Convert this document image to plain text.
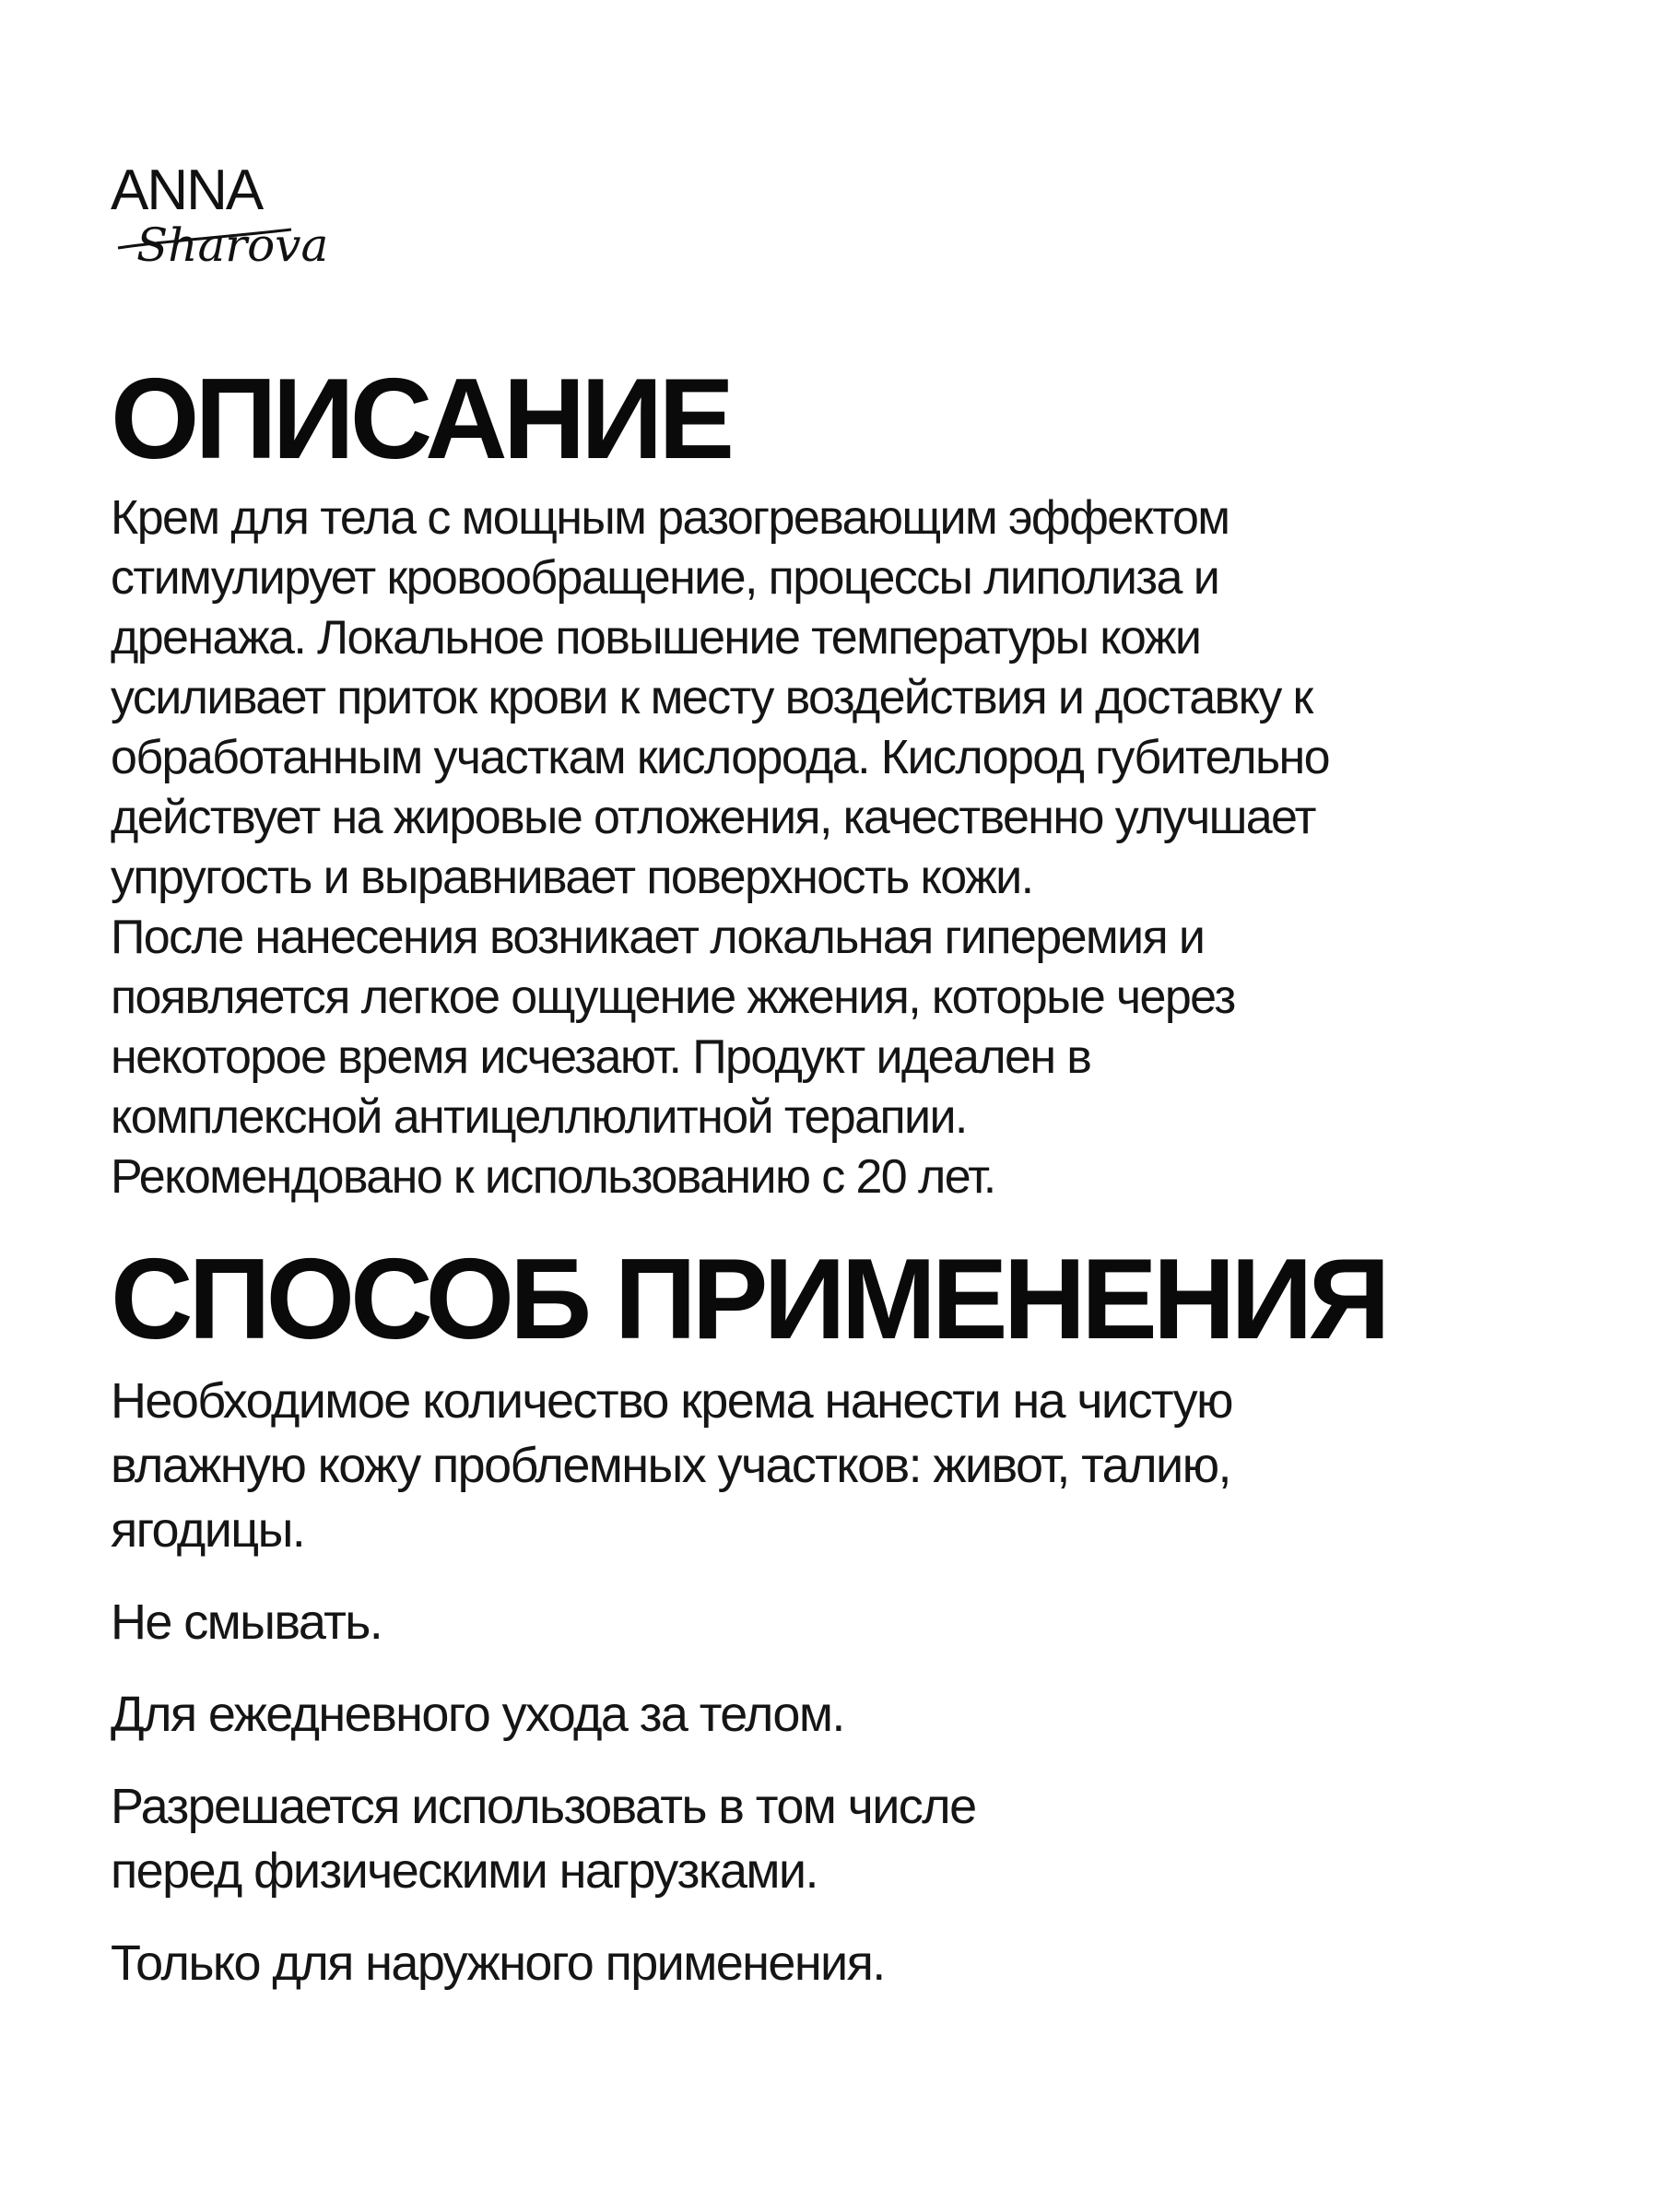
ANNA
Sharova
ОПИСАНИЕ
Крем для тела с мощным разогревающим эффектом
стимулирует кровообращение, процессы липолиза и
дренажа. Локальное повышение температуры кожи
усиливает приток крови к месту воздействия и доставку к
обработанным участкам кислорода. Кислород губительно
действует на жировые отложения, качественно улучшает
упругость и выравнивает поверхность кожи.
После нанесения возникает локальная гиперемия и
появляется легкое ощущение жжения, которые через
некоторое время исчезают. Продукт идеален в
комплексной антицеллюлитной терапии.
Рекомендовано к использованию с 20 лет.
СПОСОБ ПРИМЕНЕНИЯ

Необходимое количество крема нанести на чистую
влажную кожу проблемных участков: живот, талию,
ягодицы.

Не смывать.

Для ежедневного ухода за телом.

Разрешается использовать в том числе
перед физическими нагрузками.

Только для наружного применения.
